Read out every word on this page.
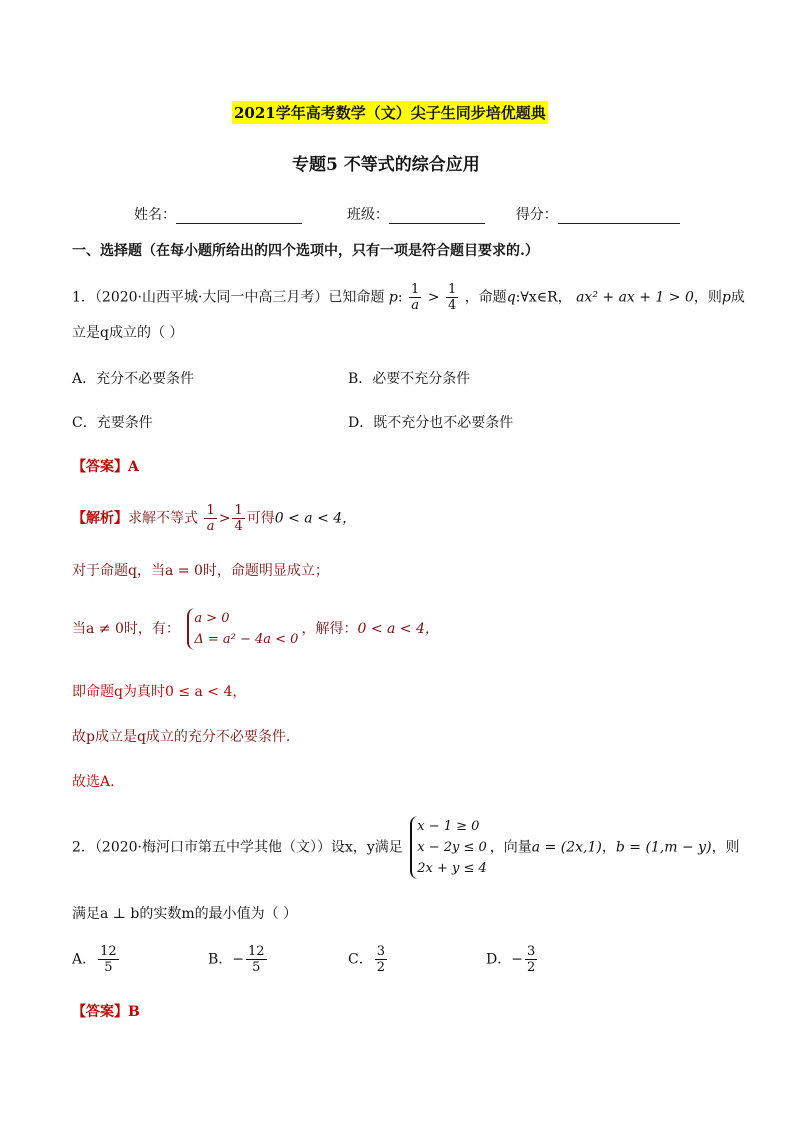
2021学年高考数学（文）尖子生同步培优题典
专题5 不等式的综合应用
姓名：	班级：	得分：
一、选择题（在每小题所给出的四个选项中，只有一项是符合题目要求的.）
1．（2020·山西平城·大同一中高三月考）已知命题 p: $\frac{1}{a} > \frac{1}{4}$ ，命题q:∀x∈R， ax² + ax + 1 > 0，则p成
立是q成立的（ ）
A．充分不必要条件	B．必要不充分条件
C．充要条件	D．既不充分也不必要条件
【答案】A
【解析】求解不等式 $\frac{1}{a} > \frac{1}{4}$ 可得0 < a < 4，
对于命题q，当a = 0时，命题明显成立；
当a ≠ 0时，有：
a > 0
Δ = a² − 4a < 0
，解得：0 < a < 4，
即命题q为真时0 ≤ a < 4，
故p成立是q成立的充分不必要条件.
故选A.
2．（2020·梅河口市第五中学其他（文））设x，y满足
x − 1 ≥ 0
x − 2y ≤ 0
2x + y ≤ 4
，向量a = (2x,1)，b = (1,m − y)，则
满足a ⊥ b的实数m的最小值为（ ）
A． $\frac{12}{5}$	B．− $\frac{12}{5}$	C． $\frac{3}{2}$	D．− $\frac{3}{2}$
【答案】B
